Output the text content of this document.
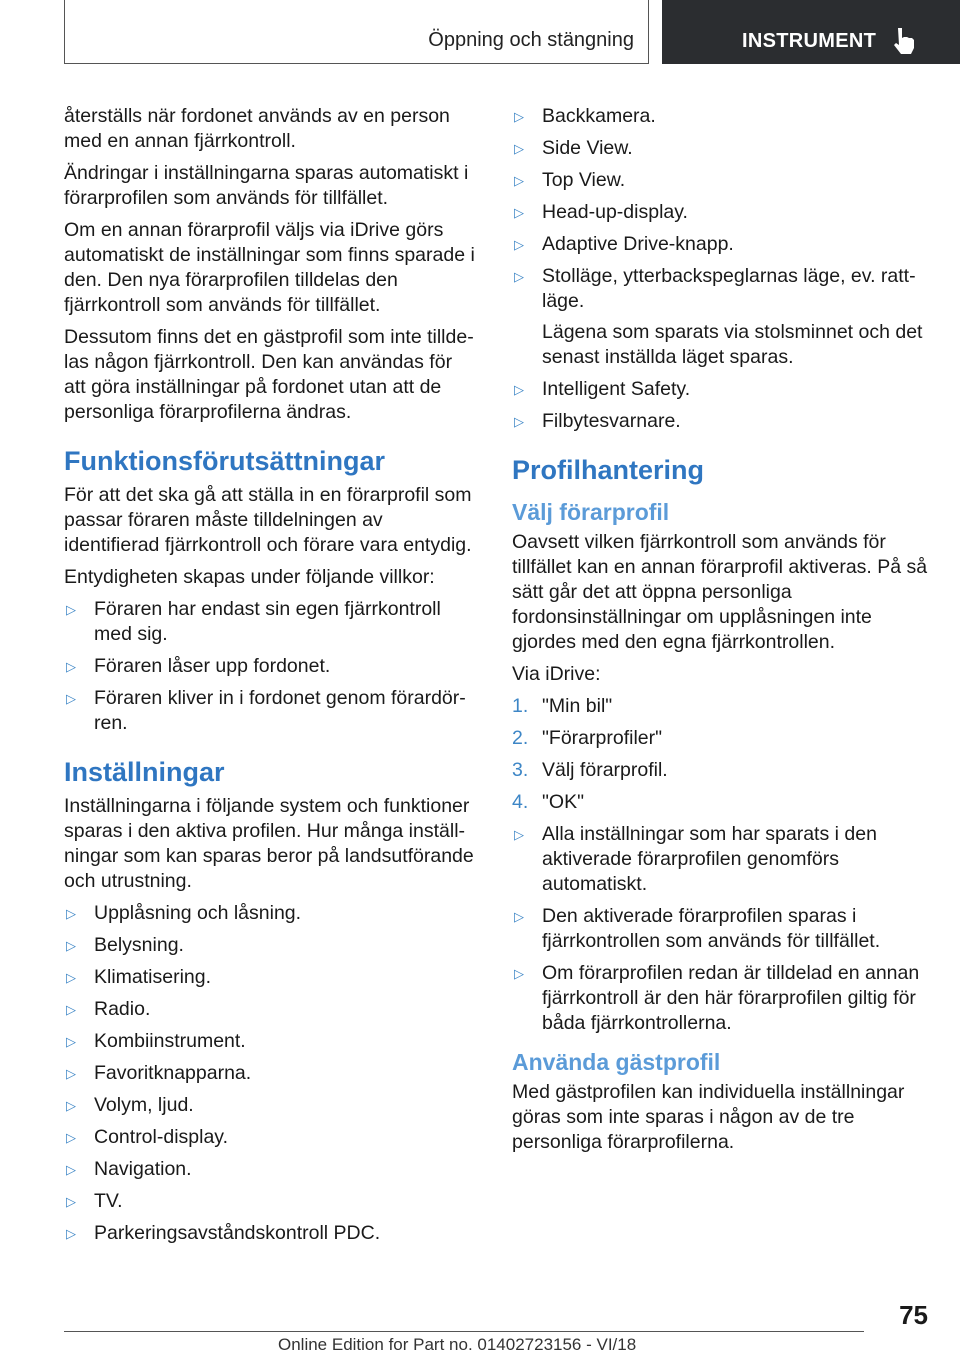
Öppning och stängning	INSTRUMENT

återställs när fordonet används av en person med en annan fjärrkontroll.

Ändringar i inställningarna sparas automatiskt i förarprofilen som används för tillfället.

Om en annan förarprofil väljs via iDrive görs automatiskt de inställningar som finns sparade i den. Den nya förarprofilen tilldelas den fjärrkontroll som används för tillfället.

Dessutom finns det en gästprofil som inte tilldelas någon fjärrkontroll. Den kan användas för att göra inställningar på fordonet utan att de personliga förarprofilerna ändras.

Funktionsförutsättningar

För att det ska gå att ställa in en förarprofil som passar föraren måste tilldelningen av identifierad fjärrkontroll och förare vara entydig.

Entydigheten skapas under följande villkor:

▷ Föraren har endast sin egen fjärrkontroll med sig.
▷ Föraren låser upp fordonet.
▷ Föraren kliver in i fordonet genom förardörren.
Inställningar

Inställningarna i följande system och funktioner sparas i den aktiva profilen. Hur många inställningar som kan sparas beror på landsutförande och utrustning.

▷ Upplåsning och låsning.
▷ Belysning.
▷ Klimatisering.
▷ Radio.
▷ Kombiinstrument.
▷ Favoritknapparna.
▷ Volym, ljud.
▷ Control-display.
▷ Navigation.
▷ TV.
▷ Parkeringsavståndskontroll PDC.
▷ Backkamera.
▷ Side View.
▷ Top View.
▷ Head-up-display.
▷ Adaptive Drive-knapp.
▷ Stolläge, ytterbackspeglarnas läge, ev. rattläge.
Lägena som sparats via stolsminnet och det senast inställda läget sparas.
▷ Intelligent Safety.
▷ Filbytesvarnare.
Profilhantering
Välj förarprofil

Oavsett vilken fjärrkontroll som används för tillfället kan en annan förarprofil aktiveras. På så sätt går det att öppna personliga fordonsinställningar om upplåsningen inte gjordes med den egna fjärrkontrollen.

Via iDrive:

1. "Min bil"
2. "Förarprofiler"
3. Välj förarprofil.
4. "OK"
▷ Alla inställningar som har sparats i den aktiverade förarprofilen genomförs automatiskt.
▷ Den aktiverade förarprofilen sparas i fjärrkontrollen som används för tillfället.
▷ Om förarprofilen redan är tilldelad en annan fjärrkontroll är den här förarprofilen giltig för båda fjärrkontrollerna.
Använda gästprofil

Med gästprofilen kan individuella inställningar göras som inte sparas i någon av de tre personliga förarprofilerna.

75
Online Edition for Part no. 01402723156 - VI/18
